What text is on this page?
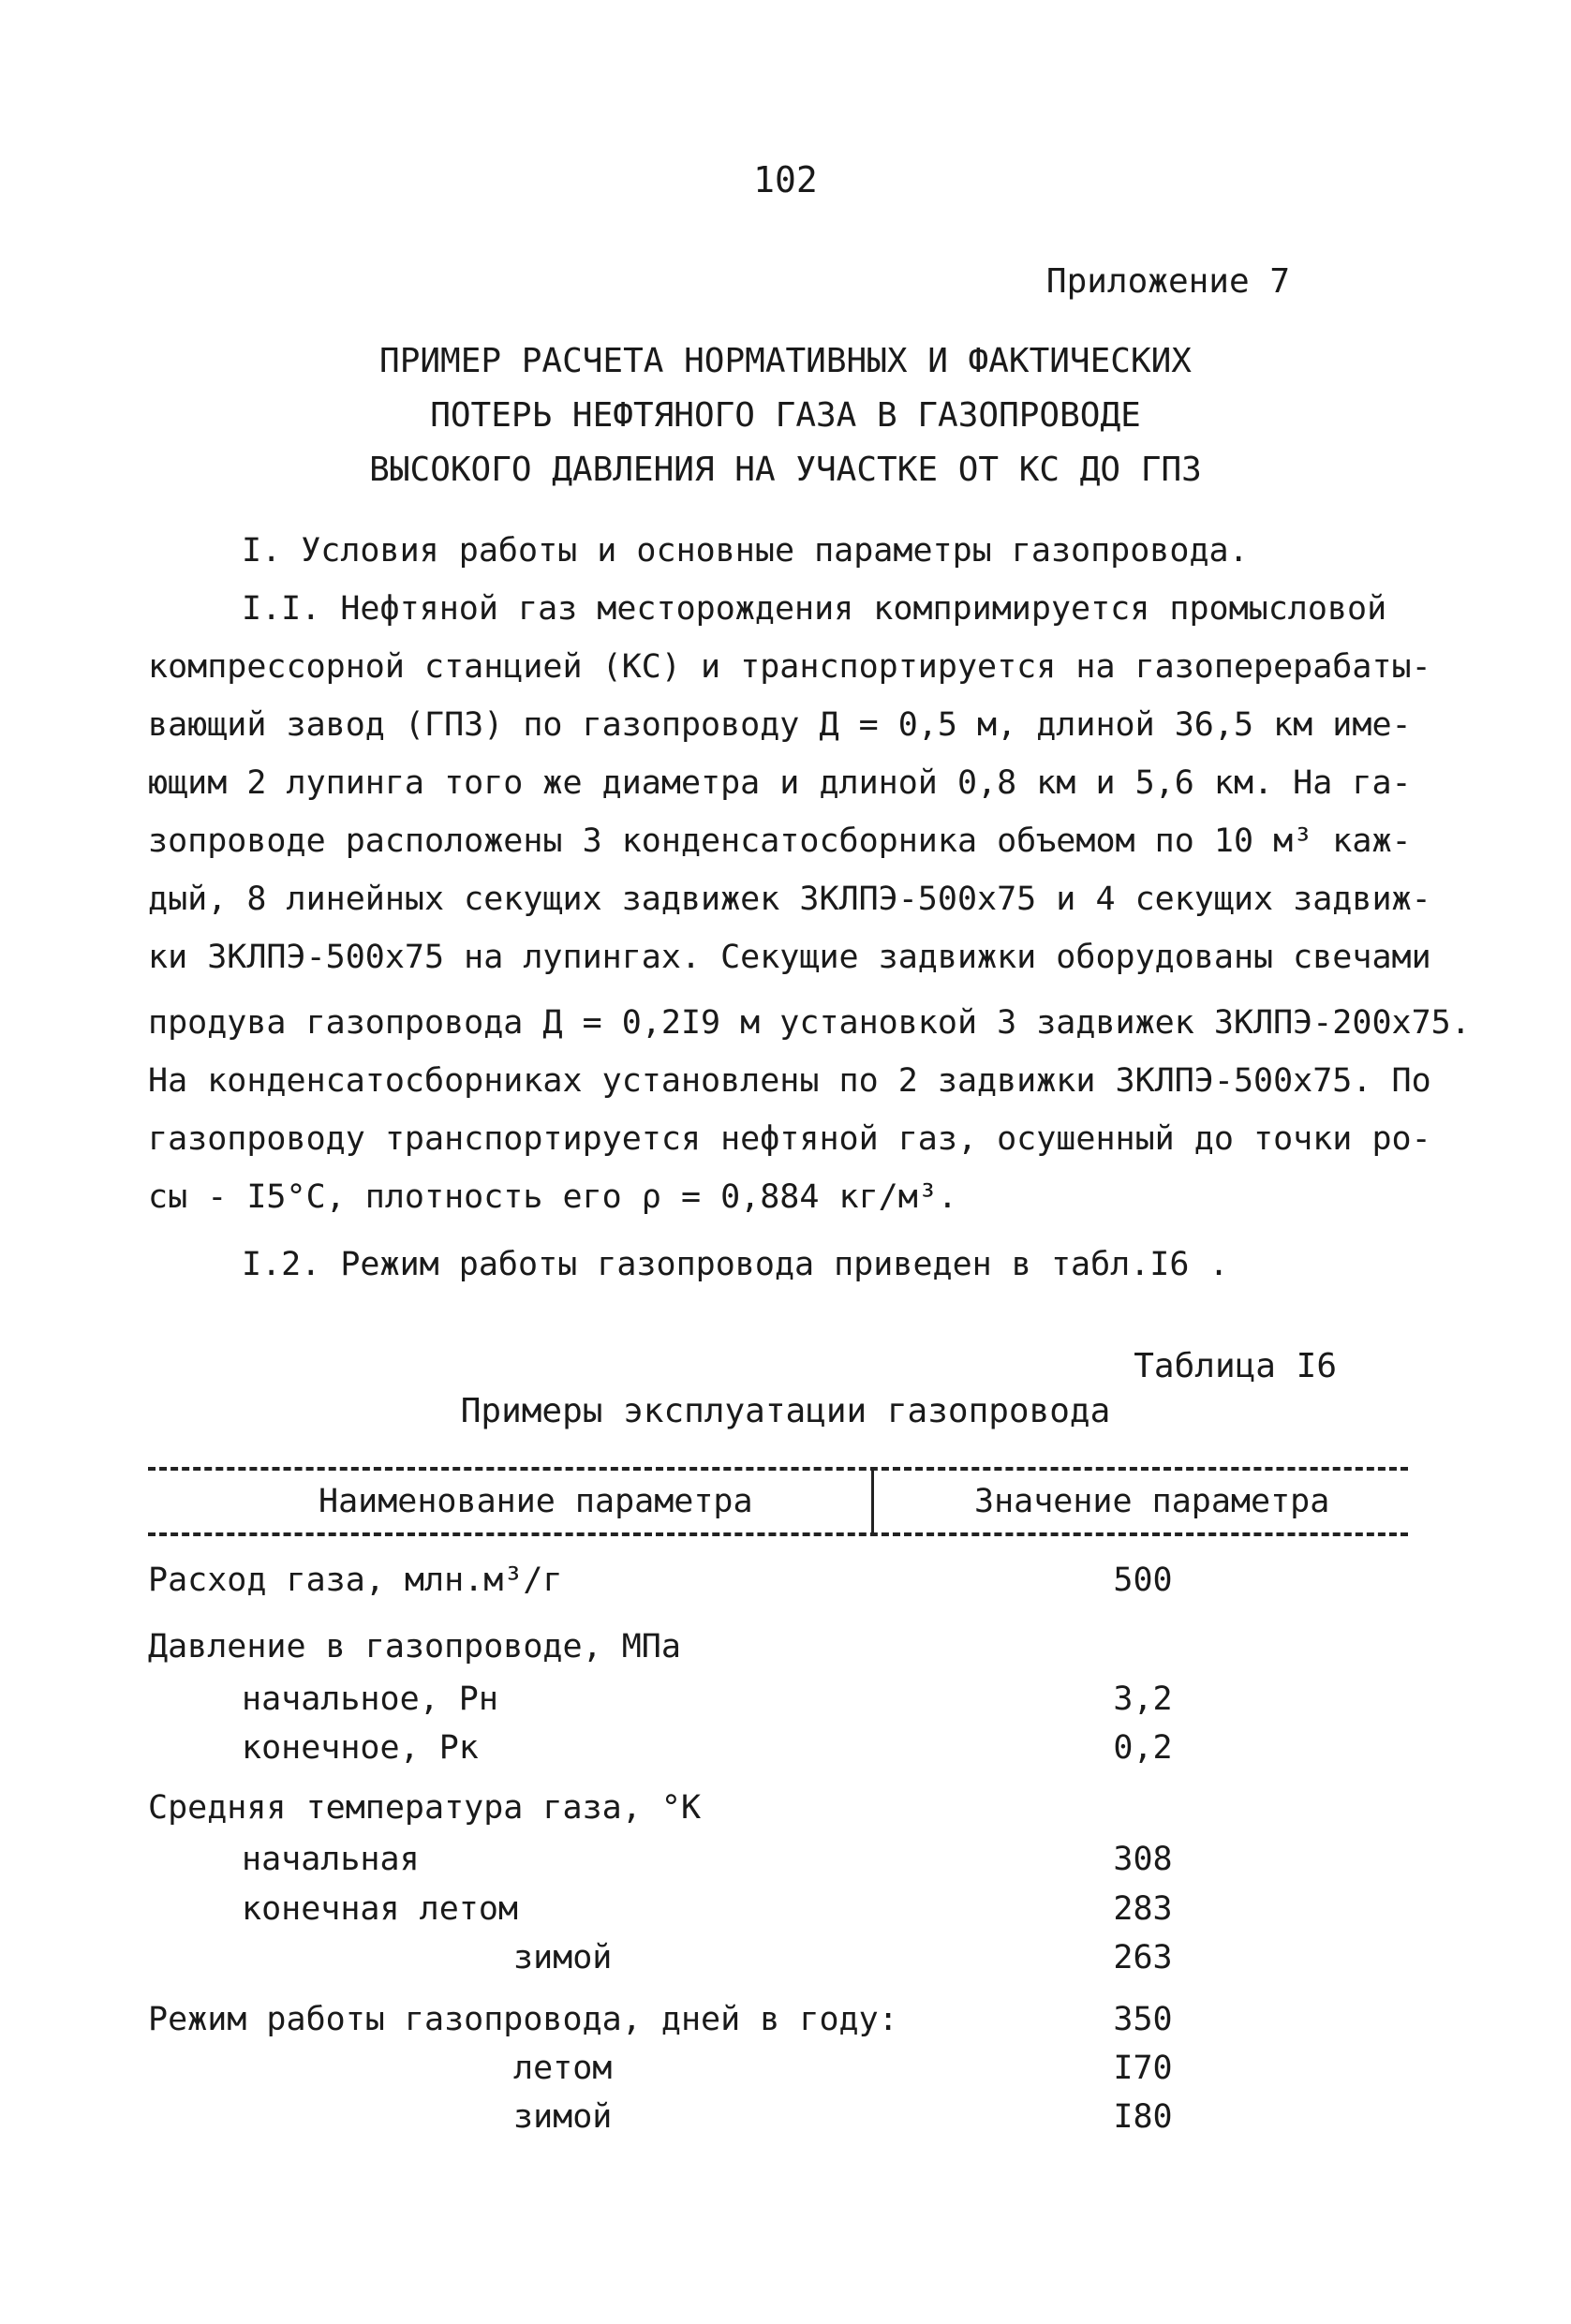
102
Приложение 7
ПРИМЕР РАСЧЕТА НОРМАТИВНЫХ И ФАКТИЧЕСКИХ
ПОТЕРЬ НЕФТЯНОГО ГАЗА В ГАЗОПРОВОДЕ
ВЫСОКОГО ДАВЛЕНИЯ НА УЧАСТКЕ ОТ КС ДО ГПЗ
I. Условия работы и основные параметры газопровода.
I.I. Нефтяной газ месторождения компримируется промысловой
компрессорной станцией (КС) и транспортируется на газоперерабаты-
вающий завод (ГПЗ) по газопроводу Д = 0,5 м, длиной 36,5 км име-
ющим 2 лупинга того же диаметра и длиной 0,8 км и 5,6 км. На га-
зопроводе расположены 3 конденсатосборника объемом по 10 м³ каж-
дый, 8 линейных секущих задвижек ЗКЛПЭ-500х75 и 4 секущих задвиж-
ки ЗКЛПЭ-500х75 на лупингах. Секущие задвижки оборудованы свечами
продува газопровода Д = 0,2I9 м установкой 3 задвижек ЗКЛПЭ-200х75.
На конденсатосборниках установлены по 2 задвижки ЗКЛПЭ-500х75. По
газопроводу транспортируется нефтяной газ, осушенный до точки ро-
сы - I5°С, плотность его ρ = 0,884 кг/м³.
I.2. Режим работы газопровода приведен в табл.I6 .
Таблица I6
Примеры эксплуатации газопровода
Наименование параметра	Значение параметра
Расход газа, млн.м³/г	500
Давление в газопроводе, МПа
начальное, Рн	3,2
конечное, Рк	0,2
Средняя температура газа, °К
начальная	308
конечная летом	283
зимой	263
Режим работы газопровода, дней в году:	350
летом	I70
зимой	I80
